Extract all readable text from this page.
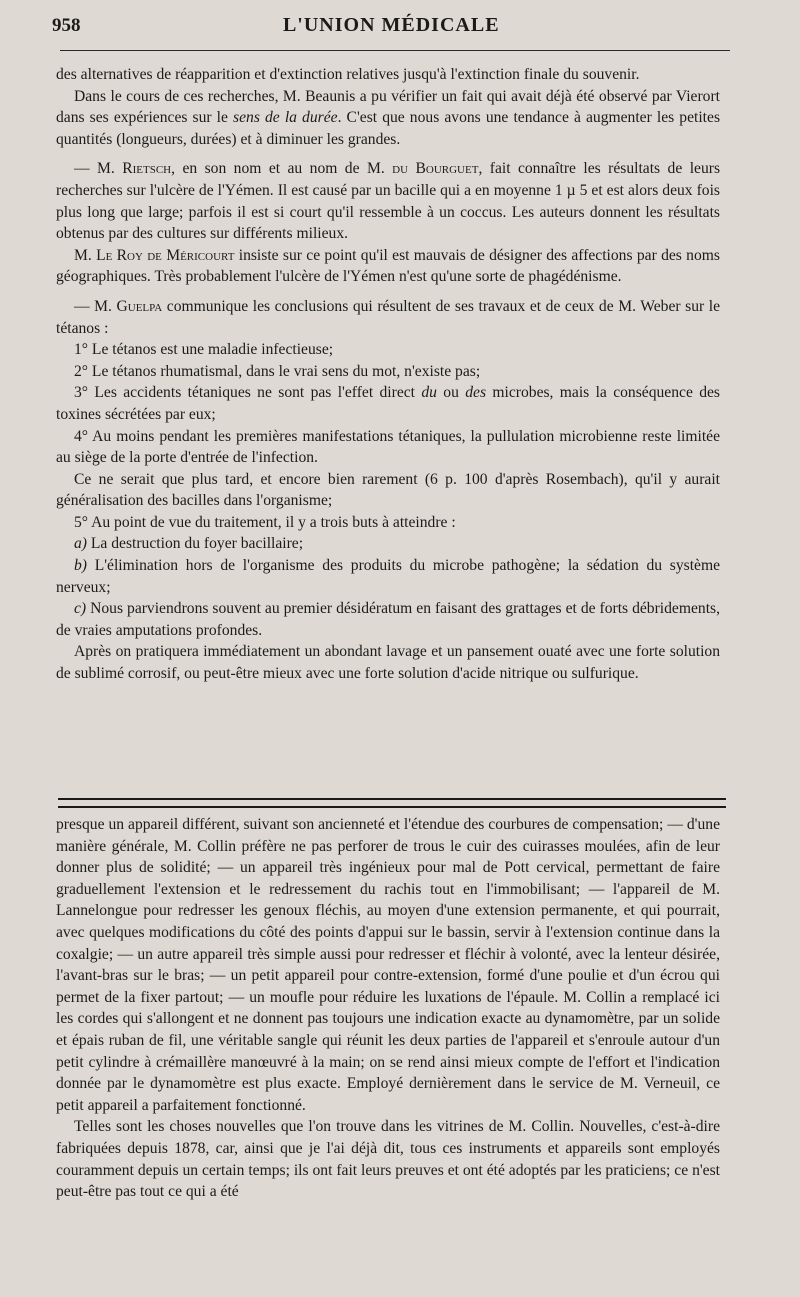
958	L'UNION MÉDICALE

des alternatives de réapparition et d'extinction relatives jusqu'à l'extinction finale du souvenir.

Dans le cours de ces recherches, M. Beaunis a pu vérifier un fait qui avait déjà été observé par Vierort dans ses expériences sur le sens de la durée. C'est que nous avons une tendance à augmenter les petites quantités (longueurs, durées) et à diminuer les grandes.

— M. Rietsch, en son nom et au nom de M. du Bourguet, fait connaître les résultats de leurs recherches sur l'ulcère de l'Yémen. Il est causé par un bacille qui a en moyenne 1 µ 5 et est alors deux fois plus long que large; parfois il est si court qu'il ressemble à un coccus. Les auteurs donnent les résultats obtenus par des cultures sur différents milieux.

M. Le Roy de Méricourt insiste sur ce point qu'il est mauvais de désigner des affections par des noms géographiques. Très probablement l'ulcère de l'Yémen n'est qu'une sorte de phagédénisme.

— M. Guelpa communique les conclusions qui résultent de ses travaux et de ceux de M. Weber sur le tétanos :

1° Le tétanos est une maladie infectieuse;

2° Le tétanos rhumatismal, dans le vrai sens du mot, n'existe pas;

3° Les accidents tétaniques ne sont pas l'effet direct du ou des microbes, mais la conséquence des toxines sécrétées par eux;

4° Au moins pendant les premières manifestations tétaniques, la pullulation microbienne reste limitée au siège de la porte d'entrée de l'infection.

Ce ne serait que plus tard, et encore bien rarement (6 p. 100 d'après Rosembach), qu'il y aurait généralisation des bacilles dans l'organisme;

5° Au point de vue du traitement, il y a trois buts à atteindre :

a) La destruction du foyer bacillaire;

b) L'élimination hors de l'organisme des produits du microbe pathogène; la sédation du système nerveux;

c) Nous parviendrons souvent au premier désidératum en faisant des grattages et de forts débridements, de vraies amputations profondes.

Après on pratiquera immédiatement un abondant lavage et un pansement ouaté avec une forte solution de sublimé corrosif, ou peut-être mieux avec une forte solution d'acide nitrique ou sulfurique.

presque un appareil différent, suivant son ancienneté et l'étendue des courbures de compensation; — d'une manière générale, M. Collin préfère ne pas perforer de trous le cuir des cuirasses moulées, afin de leur donner plus de solidité; — un appareil très ingénieux pour mal de Pott cervical, permettant de faire graduellement l'extension et le redressement du rachis tout en l'immobilisant; — l'appareil de M. Lannelongue pour redresser les genoux fléchis, au moyen d'une extension permanente, et qui pourrait, avec quelques modifications du côté des points d'appui sur le bassin, servir à l'extension continue dans la coxalgie; — un autre appareil très simple aussi pour redresser et fléchir à volonté, avec la lenteur désirée, l'avant-bras sur le bras; — un petit appareil pour contre-extension, formé d'une poulie et d'un écrou qui permet de la fixer partout; — un moufle pour réduire les luxations de l'épaule. M. Collin a remplacé ici les cordes qui s'allongent et ne donnent pas toujours une indication exacte au dynamomètre, par un solide et épais ruban de fil, une véritable sangle qui réunit les deux parties de l'appareil et s'enroule autour d'un petit cylindre à crémaillère manœuvré à la main; on se rend ainsi mieux compte de l'effort et l'indication donnée par le dynamomètre est plus exacte. Employé dernièrement dans le service de M. Verneuil, ce petit appareil a parfaitement fonctionné.

Telles sont les choses nouvelles que l'on trouve dans les vitrines de M. Collin. Nouvelles, c'est-à-dire fabriquées depuis 1878, car, ainsi que je l'ai déjà dit, tous ces instruments et appareils sont employés couramment depuis un certain temps; ils ont fait leurs preuves et ont été adoptés par les praticiens; ce n'est peut-être pas tout ce qui a été
